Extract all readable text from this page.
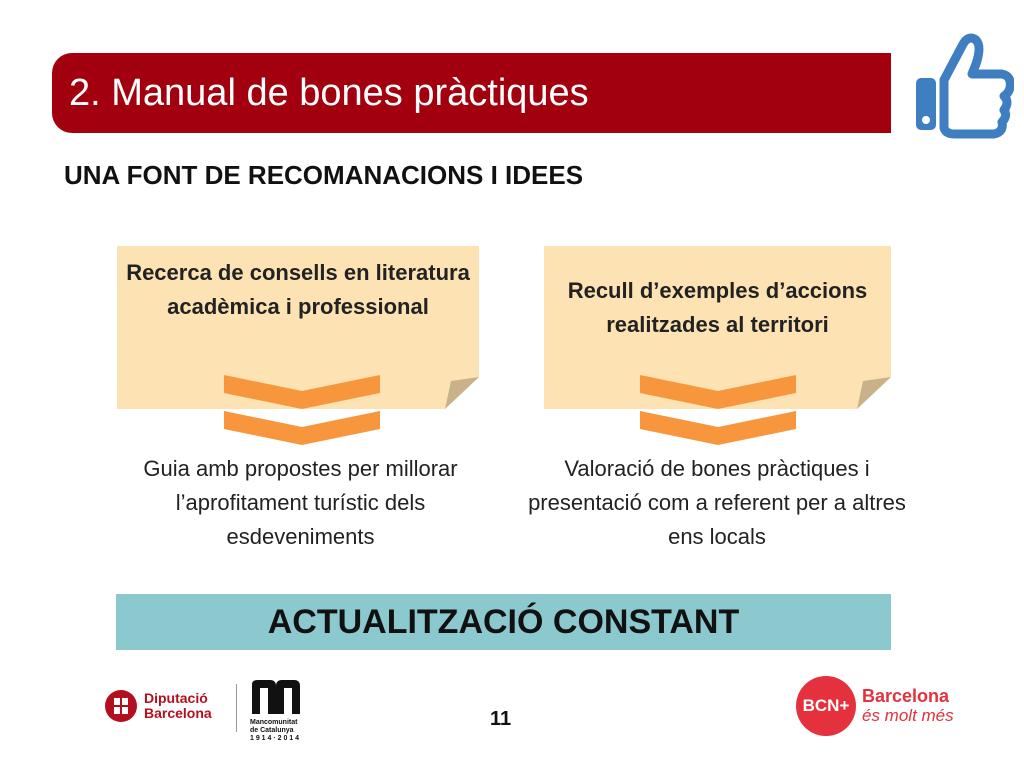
2. Manual de bones pràctiques
UNA FONT DE RECOMANACIONS I IDEES
Recerca de consells en literatura acadèmica i professional
Guia amb propostes per millorar l’aprofitament turístic dels esdeveniments
Recull d’exemples d’accions realitzades al territori
Valoració de bones pràctiques i presentació com a referent per a altres ens locals
ACTUALITZACIÓ CONSTANT
Diputació
Barcelona
Mancomunitat
de Catalunya
1 9 1 4 · 2 0 1 4
11
BCN+ Barcelona
és molt més
